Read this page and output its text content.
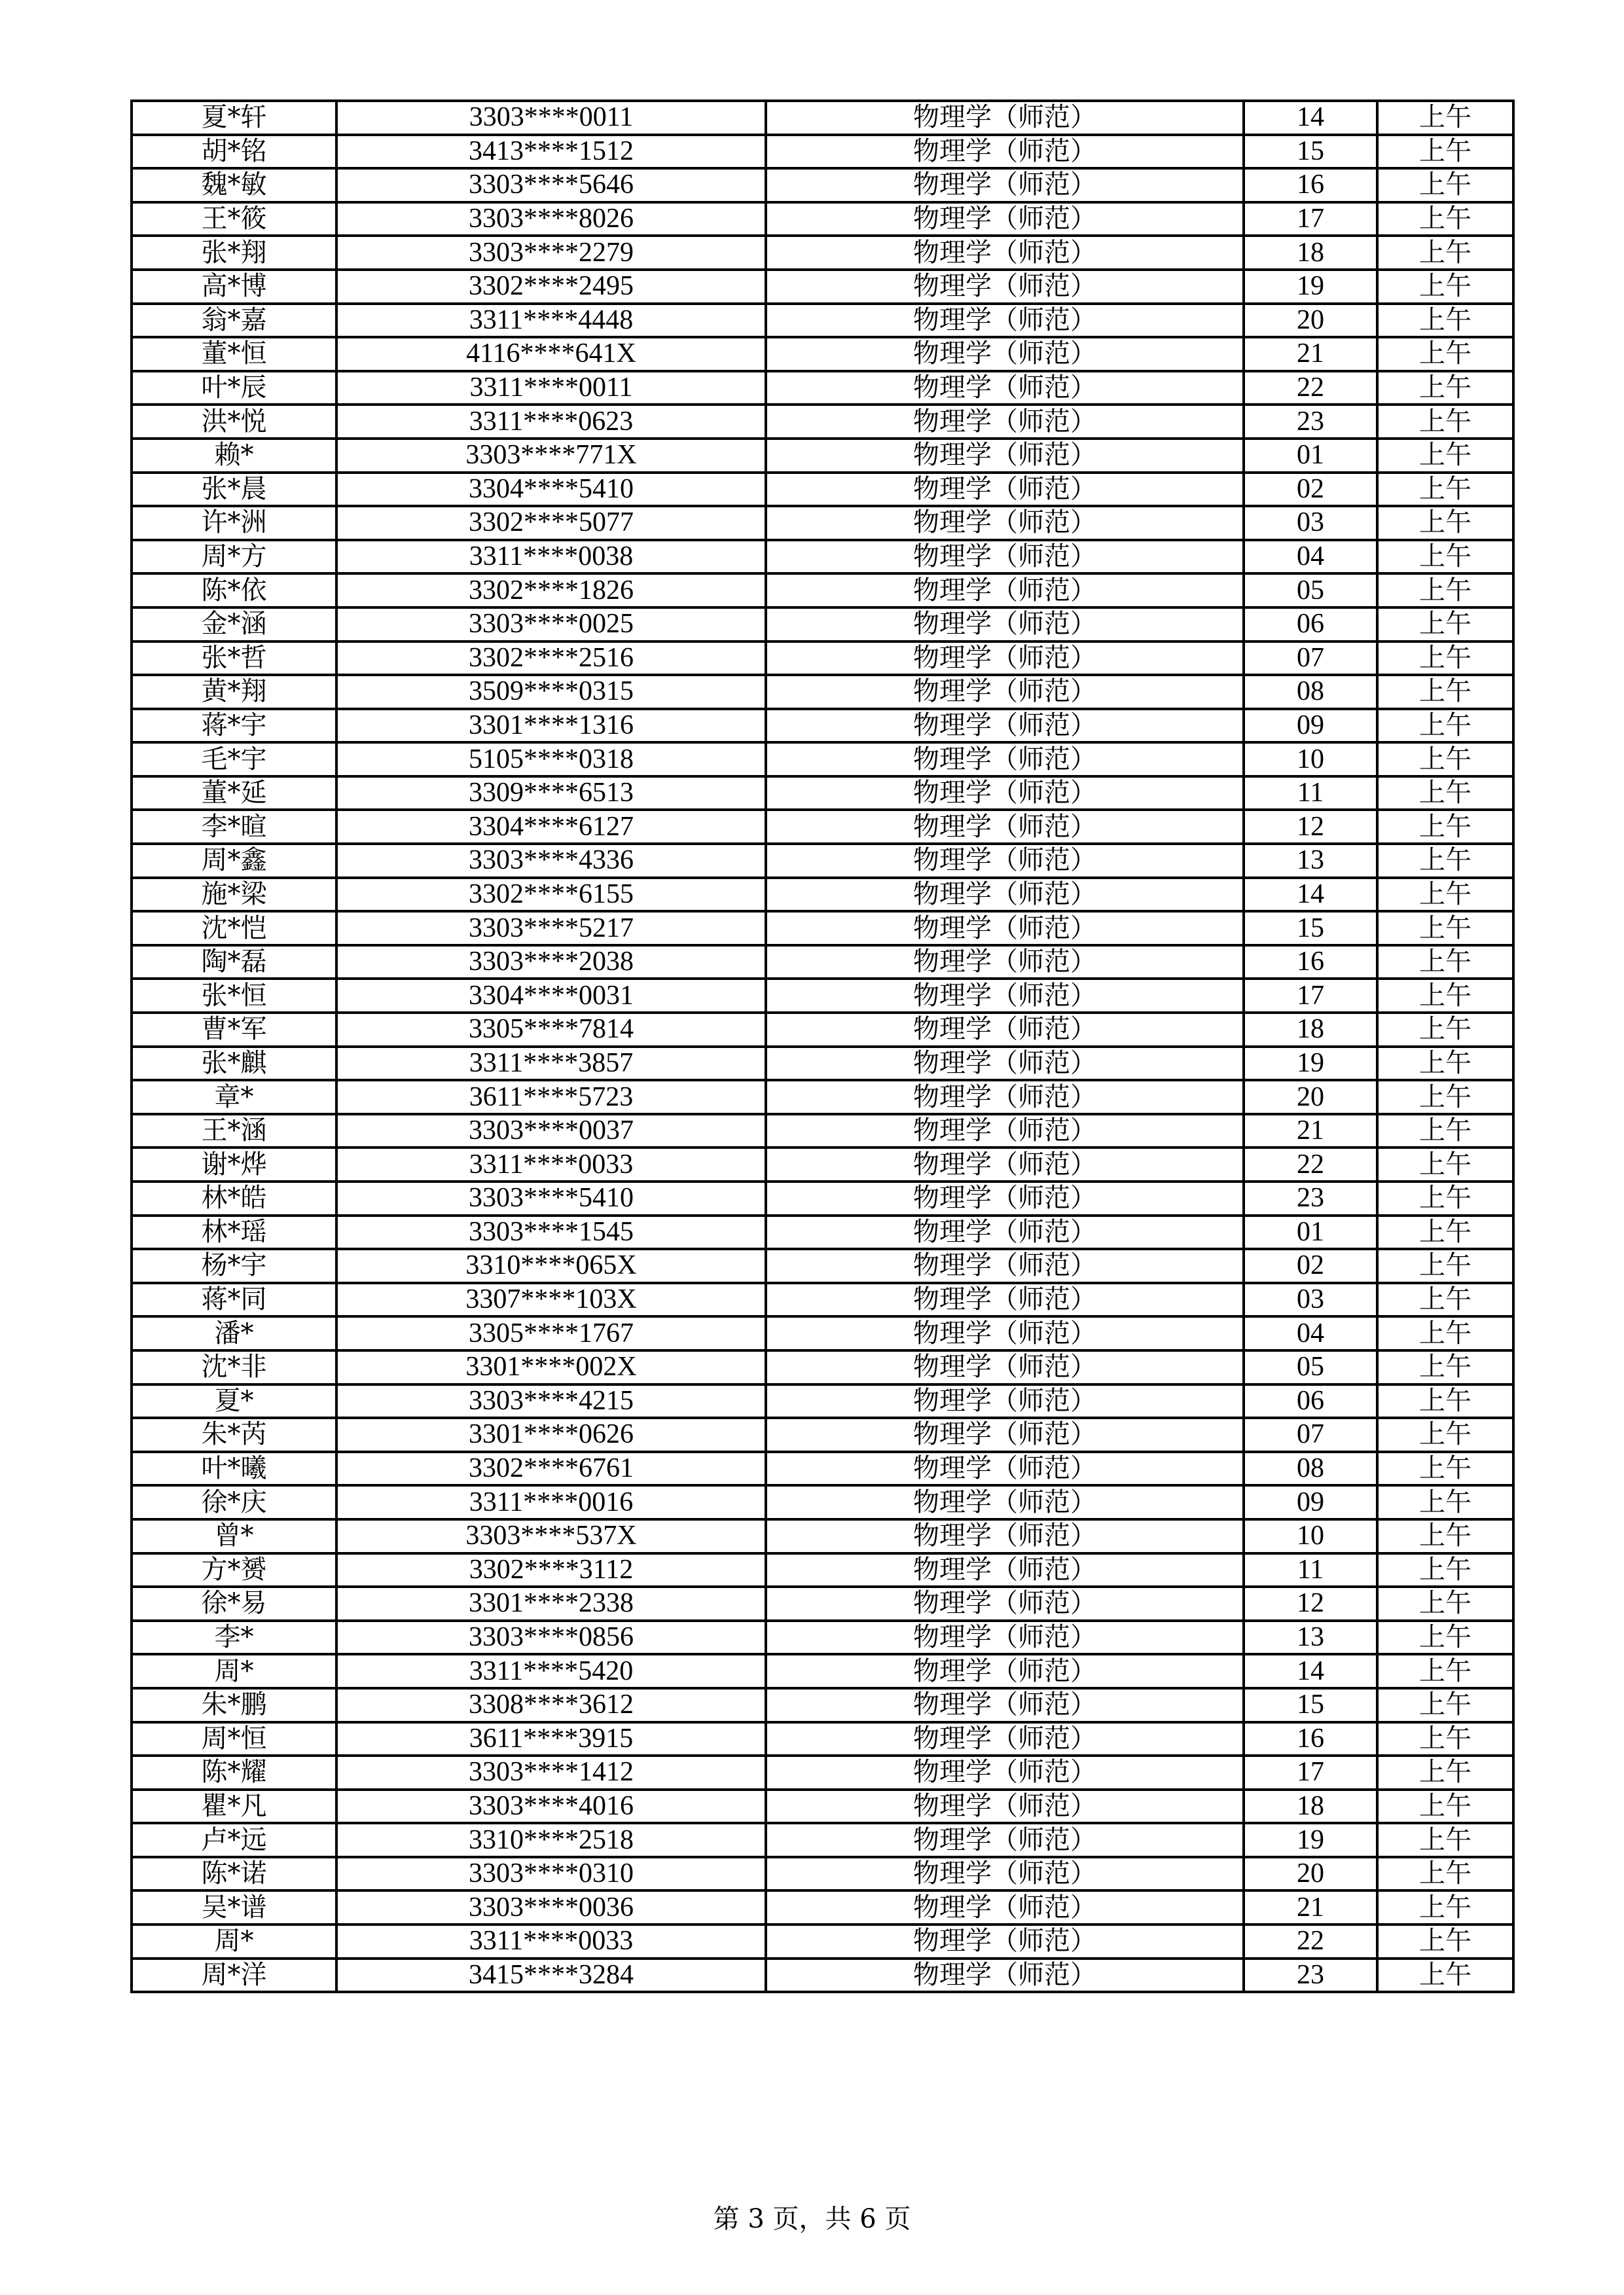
夏*轩	3303****0011	物理学（师范）	14	上午
胡*铭	3413****1512	物理学（师范）	15	上午
魏*敏	3303****5646	物理学（师范）	16	上午
王*筱	3303****8026	物理学（师范）	17	上午
张*翔	3303****2279	物理学（师范）	18	上午
高*博	3302****2495	物理学（师范）	19	上午
翁*嘉	3311****4448	物理学（师范）	20	上午
董*恒	4116****641X	物理学（师范）	21	上午
叶*辰	3311****0011	物理学（师范）	22	上午
洪*悦	3311****0623	物理学（师范）	23	上午
赖*	3303****771X	物理学（师范）	01	上午
张*晨	3304****5410	物理学（师范）	02	上午
许*洲	3302****5077	物理学（师范）	03	上午
周*方	3311****0038	物理学（师范）	04	上午
陈*依	3302****1826	物理学（师范）	05	上午
金*涵	3303****0025	物理学（师范）	06	上午
张*哲	3302****2516	物理学（师范）	07	上午
黄*翔	3509****0315	物理学（师范）	08	上午
蒋*宇	3301****1316	物理学（师范）	09	上午
毛*宇	5105****0318	物理学（师范）	10	上午
董*延	3309****6513	物理学（师范）	11	上午
李*暄	3304****6127	物理学（师范）	12	上午
周*鑫	3303****4336	物理学（师范）	13	上午
施*梁	3302****6155	物理学（师范）	14	上午
沈*恺	3303****5217	物理学（师范）	15	上午
陶*磊	3303****2038	物理学（师范）	16	上午
张*恒	3304****0031	物理学（师范）	17	上午
曹*军	3305****7814	物理学（师范）	18	上午
张*麒	3311****3857	物理学（师范）	19	上午
章*	3611****5723	物理学（师范）	20	上午
王*涵	3303****0037	物理学（师范）	21	上午
谢*烨	3311****0033	物理学（师范）	22	上午
林*皓	3303****5410	物理学（师范）	23	上午
林*瑶	3303****1545	物理学（师范）	01	上午
杨*宇	3310****065X	物理学（师范）	02	上午
蒋*同	3307****103X	物理学（师范）	03	上午
潘*	3305****1767	物理学（师范）	04	上午
沈*非	3301****002X	物理学（师范）	05	上午
夏*	3303****4215	物理学（师范）	06	上午
朱*芮	3301****0626	物理学（师范）	07	上午
叶*曦	3302****6761	物理学（师范）	08	上午
徐*庆	3311****0016	物理学（师范）	09	上午
曾*	3303****537X	物理学（师范）	10	上午
方*赟	3302****3112	物理学（师范）	11	上午
徐*易	3301****2338	物理学（师范）	12	上午
李*	3303****0856	物理学（师范）	13	上午
周*	3311****5420	物理学（师范）	14	上午
朱*鹏	3308****3612	物理学（师范）	15	上午
周*恒	3611****3915	物理学（师范）	16	上午
陈*耀	3303****1412	物理学（师范）	17	上午
瞿*凡	3303****4016	物理学（师范）	18	上午
卢*远	3310****2518	物理学（师范）	19	上午
陈*诺	3303****0310	物理学（师范）	20	上午
吴*谱	3303****0036	物理学（师范）	21	上午
周*	3311****0033	物理学（师范）	22	上午
周*洋	3415****3284	物理学（师范）	23	上午
第 3 页，共 6 页
